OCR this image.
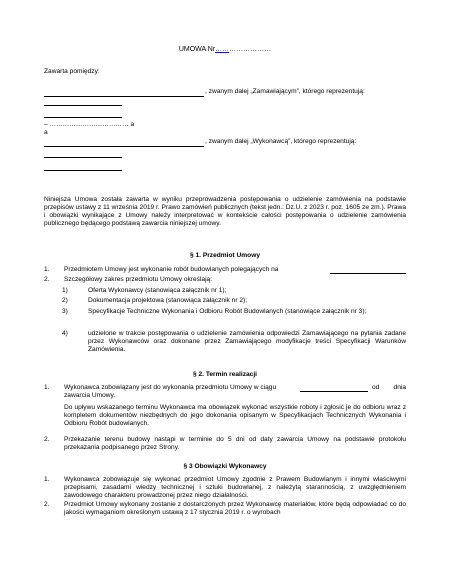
UMOWA Nr……………………
Zawarta pomiędzy:
, zwanym dalej „Zamawiającym”, którego reprezentują:
– ……………………………… a
a
, zwanym dalej „Wykonawcą”, którego reprezentują:
Niniejsza Umowa została zawarta w wyniku przeprowadzenia postępowania o udzielenie zamówienia na podstawie przepisów ustawy z 11 września 2019 r. Prawo zamówień publicznych (tekst jedn.: Dz.U. z 2023 r. poz. 1605 ze zm.). Prawa i obowiązki wynikające z Umowy należy interpretować w kontekście całości postępowania o udzielenie zamówienia publicznego będącego podstawą zawarcia niniejszej umowy.
§ 1. Przedmiot Umowy
1. Przedmiotem Umowy jest wykonanie robót budowlanych polegających na
2. Szczegółowy zakres przedmiotu Umowy określają:
1)	Oferta Wykonawcy (stanowiąca załącznik nr 1);
2)	Dokumentacja projektowa (stanowiąca załącznik nr 2);
3)	Specyfikacje Techniczne Wykonania i Odbioru Robót Budowlanych (stanowiące załącznik nr 3);
4)	udzielone w trakcie postępowania o udzielenie zamówienia odpowiedzi Zamawiającego na pytania zadane przez Wykonawców oraz dokonane przez Zamawiającego modyfikacje treści Specyfikacji Warunków Zamówienia.
§ 2. Termin realizacji
1. Wykonawca zobowiązany jest do wykonania przedmiotu Umowy w ciągu	od dnia zawarcia Umowy.
Do upływu wskazanego terminu Wykonawca ma obowiązek wykonać wszystkie roboty i zgłosić je do odbioru wraz z kompletem dokumentów niezbędnych do jego dokonania opisanym w Specyfikacjach Technicznych Wykonania i Odbioru Robót budowlanych.
2. Przekazanie terenu budowy nastąpi w terminie do 5 dni od daty zawarcia Umowy na podstawie protokołu przekazania podpisanego przez Strony.
§ 3 Obowiązki Wykonawcy
1. Wykonawca zobowiązuje się wykonać przedmiot Umowy zgodnie z Prawem Budowlanym i innymi właściwymi przepisami, zasadami wiedzy technicznej i sztuki budowlanej, z należytą starannością, z uwzględnieniem zawodowego charakteru prowadzonej przez niego działalności.
2. Przedmiot Umowy wykonany zostanie z dostarczonych przez Wykonawcę materiałów, które będą odpowiadać co do jakości wymaganiom określonym ustawą z 17 stycznia 2019 r. o wyrobach
